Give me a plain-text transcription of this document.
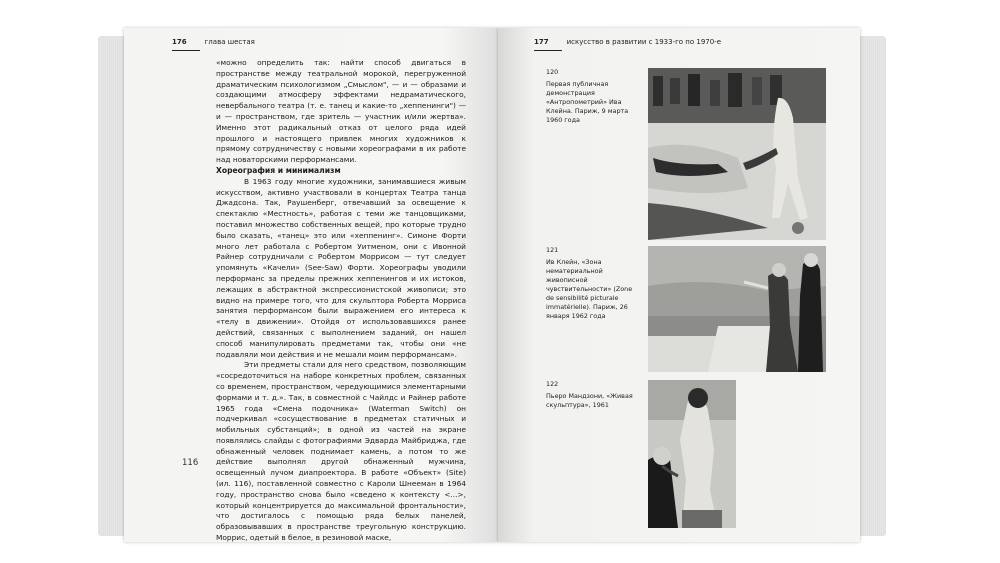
176	глава шестая

«можно определить так: найти способ двигаться в пространстве между театральной морокой, перегруженной драматическим психологизмом „Смыслом", — и — образами и создающими атмосферу эффектами недраматического, невербального театра (т. е. танец и какие-то „хеппенинги") — и — пространством, где зритель — участник и/или жертва». Именно этот радикальный отказ от целого ряда идей прошлого и настоящего привлек многих художников к прямому сотрудничеству с новыми хореографами в их работе над новаторскими перформансами.

Хореография и минимализм

В 1963 году многие художники, занимавшиеся живым искусством, активно участвовали в концертах Театра танца Джадсона. Так, Раушенберг, отвечавший за освещение к спектаклю «Местность», работая с теми же танцовщиками, поставил множество собственных вещей, про которые трудно было сказать, «танец» это или «хеппенинг». Симоне Форти много лет работала с Робертом Уитменом, они с Ивонной Райнер сотрудничали с Робертом Моррисом — тут следует упомянуть «Качели» (See-Saw) Форти. Хореографы уводили перформанс за пределы прежних хеппенингов и их истоков, лежащих в абстрактной экспрессионистской живописи; это видно на примере того, что для скульптора Роберта Морриса занятия перформансом были выражением его интереса к «телу в движении». Отойдя от использовавшихся ранее действий, связанных с выполнением заданий, он нашел способ манипулировать предметами так, чтобы они «не подавляли мои действия и не мешали моим перформансам».

Эти предметы стали для него средством, позволяющим «сосредоточиться на наборе конкретных проблем, связанных со временем, пространством, чередующимися элементарными формами и т. д.». Так, в совместной с Чайлдс и Райнер работе 1965 года «Смена подочника» (Waterman Switch) он подчеркивал «сосуществование в предметах статичных и мобильных субстанций»; в одной из частей на экране появлялись слайды с фотографиями Эдварда Майбриджа, где обнаженный человек поднимает камень, а потом то же действие выполнял другой обнаженный мужчина, освещенный лучом диапроектора. В работе «Объект» (Site) (ил. 116), поставленной совместно с Кароли Шнееман в 1964 году, пространство снова было «сведено к контексту <...>, который концентрируется до максимальной фронтальности», что достигалось с помощью ряда белых панелей, образовывавших в пространстве треугольную конструкцию. Моррис, одетый в белое, в резиновой маске,

116
177	искусство в развитии с 1933-го по 1970-е
120
Первая публичная демонстрация «Антропометрий» Ива Клейна. Париж, 9 марта 1960 года
121
Ив Клейн, «Зона нематериальной живописной чувствительности» (Zone de sensibilité picturale immatérielle). Париж, 26 января 1962 года
122
Пьеро Мандзони, «Живая скульптура», 1961
